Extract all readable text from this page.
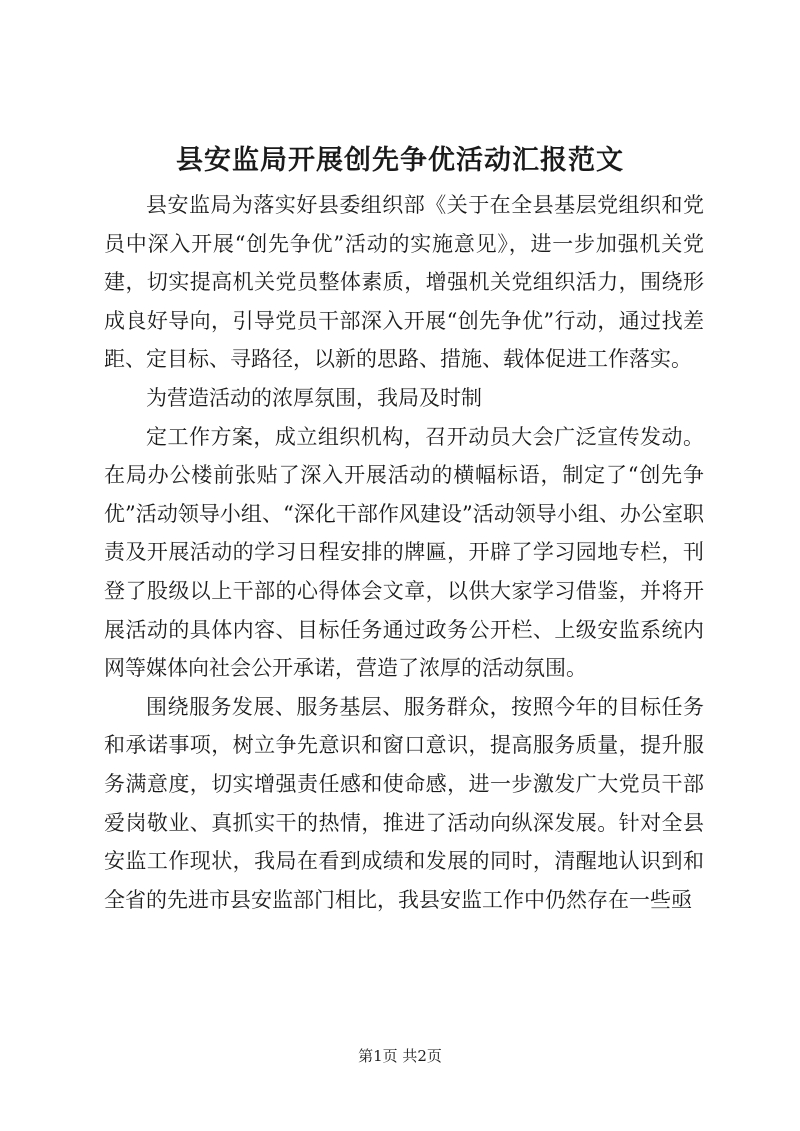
县安监局开展创先争优活动汇报范文

县安监局为落实好县委组织部《关于在全县基层党组织和党员中深入开展“创先争优”活动的实施意见》，进一步加强机关党建，切实提高机关党员整体素质，增强机关党组织活力，围绕形成良好导向，引导党员干部深入开展“创先争优”行动，通过找差距、定目标、寻路径，以新的思路、措施、载体促进工作落实。

为营造活动的浓厚氛围，我局及时制

定工作方案，成立组织机构，召开动员大会广泛宣传发动。在局办公楼前张贴了深入开展活动的横幅标语，制定了“创先争优”活动领导小组、“深化干部作风建设”活动领导小组、办公室职责及开展活动的学习日程安排的牌匾，开辟了学习园地专栏，刊登了股级以上干部的心得体会文章，以供大家学习借鉴，并将开展活动的具体内容、目标任务通过政务公开栏、上级安监系统内网等媒体向社会公开承诺，营造了浓厚的活动氛围。

围绕服务发展、服务基层、服务群众，按照今年的目标任务和承诺事项，树立争先意识和窗口意识，提高服务质量，提升服务满意度，切实增强责任感和使命感，进一步激发广大党员干部爱岗敬业、真抓实干的热情，推进了活动向纵深发展。针对全县安监工作现状，我局在看到成绩和发展的同时，清醒地认识到和全省的先进市县安监部门相比，我县安监工作中仍然存在一些亟

第1页 共2页
